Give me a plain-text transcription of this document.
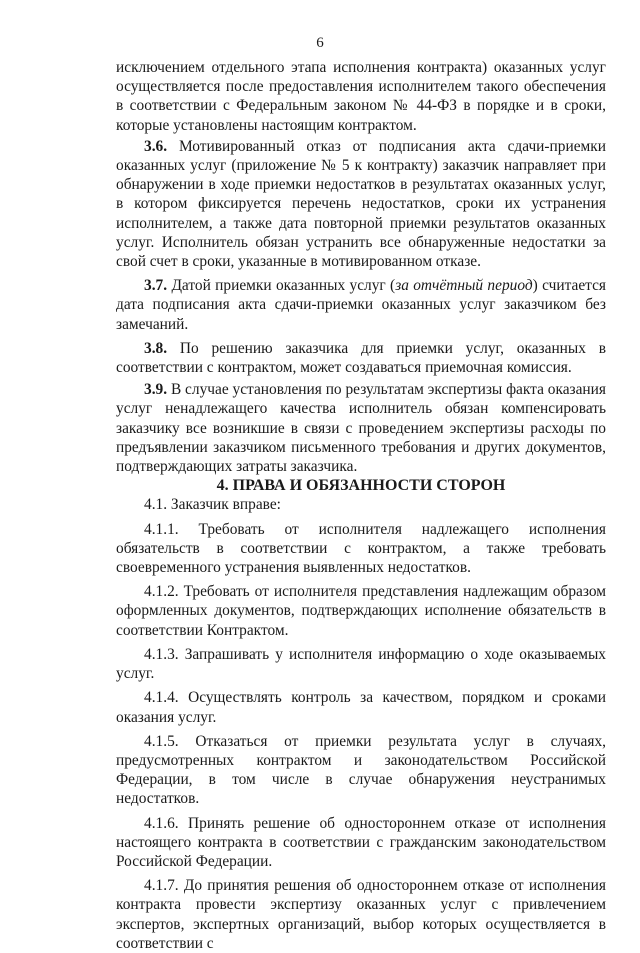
6

исключением отдельного этапа исполнения контракта) оказанных услуг осуществляется после предоставления исполнителем такого обеспечения в соответствии с Федеральным законом № 44-ФЗ в порядке и в сроки, которые установлены настоящим контрактом.

3.6. Мотивированный отказ от подписания акта сдачи-приемки оказанных услуг (приложение № 5 к контракту) заказчик направляет при обнаружении в ходе приемки недостатков в результатах оказанных услуг, в котором фиксируется перечень недостатков, сроки их устранения исполнителем, а также дата повторной приемки результатов оказанных услуг. Исполнитель обязан устранить все обнаруженные недостатки за свой счет в сроки, указанные в мотивированном отказе.

3.7. Датой приемки оказанных услуг (за отчётный период) считается дата подписания акта сдачи-приемки оказанных услуг заказчиком без замечаний.

3.8. По решению заказчика для приемки услуг, оказанных в соответствии с контрактом, может создаваться приемочная комиссия.

3.9. В случае установления по результатам экспертизы факта оказания услуг ненадлежащего качества исполнитель обязан компенсировать заказчику все возникшие в связи с проведением экспертизы расходы по предъявлении заказчиком письменного требования и других документов, подтверждающих затраты заказчика.

4. ПРАВА И ОБЯЗАННОСТИ СТОРОН

4.1. Заказчик вправе:

4.1.1. Требовать от исполнителя надлежащего исполнения обязательств в соответствии с контрактом, а также требовать своевременного устранения выявленных недостатков.

4.1.2. Требовать от исполнителя представления надлежащим образом оформленных документов, подтверждающих исполнение обязательств в соответствии Контрактом.

4.1.3. Запрашивать у исполнителя информацию о ходе оказываемых услуг.

4.1.4. Осуществлять контроль за качеством, порядком и сроками оказания услуг.

4.1.5. Отказаться от приемки результата услуг в случаях, предусмотренных контрактом и законодательством Российской Федерации, в том числе в случае обнаружения неустранимых недостатков.

4.1.6. Принять решение об одностороннем отказе от исполнения настоящего контракта в соответствии с гражданским законодательством Российской Федерации.

4.1.7. До принятия решения об одностороннем отказе от исполнения контракта провести экспертизу оказанных услуг с привлечением экспертов, экспертных организаций, выбор которых осуществляется в соответствии с
